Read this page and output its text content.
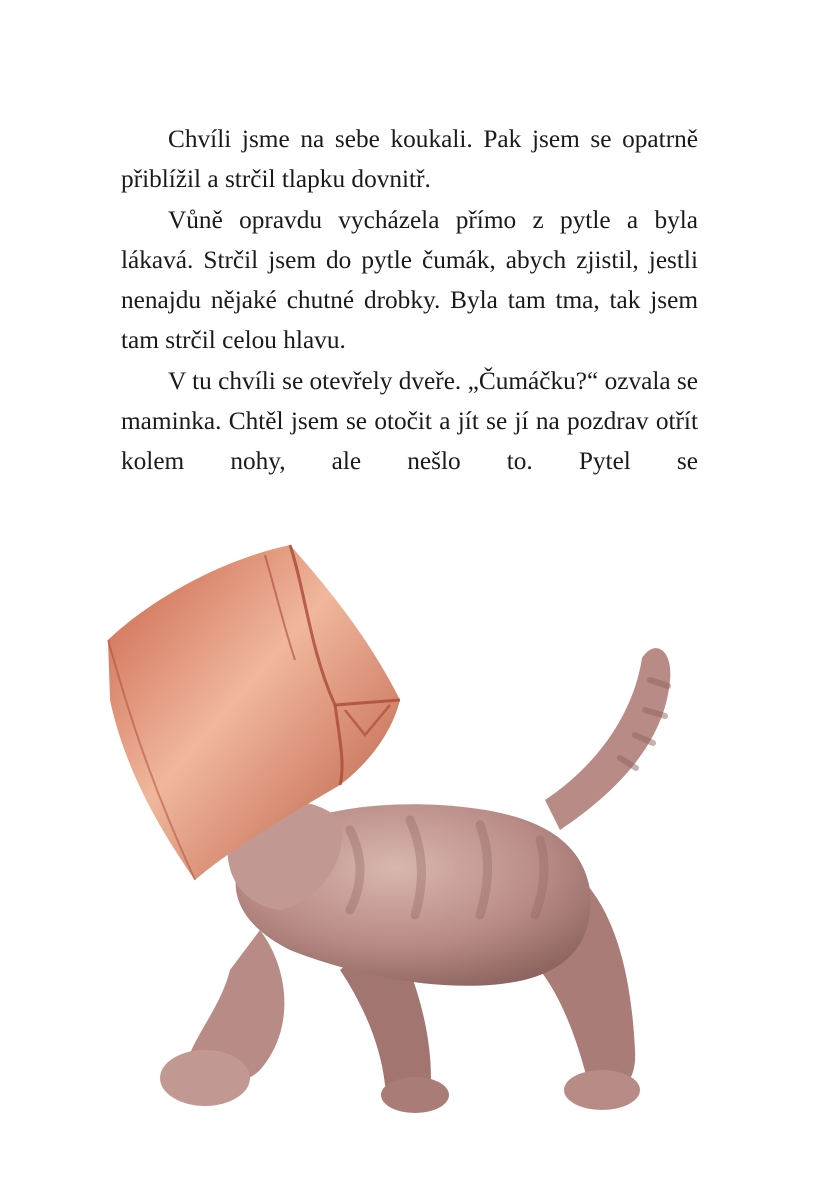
Chvíli jsme na sebe koukali. Pak jsem se opatrně přiblížil a strčil tlapku dovnitř.

Vůně opravdu vycházela přímo z pytle a byla lákavá. Strčil jsem do pytle čumák, abych zjistil, jestli nenajdu nějaké chutné drobky. Byla tam tma, tak jsem tam strčil celou hlavu.

V tu chvíli se otevřely dveře. „Čumáčku?“ ozvala se maminka. Chtěl jsem se otočit a jít se jí na pozdrav otřít kolem nohy, ale nešlo to. Pytel se
